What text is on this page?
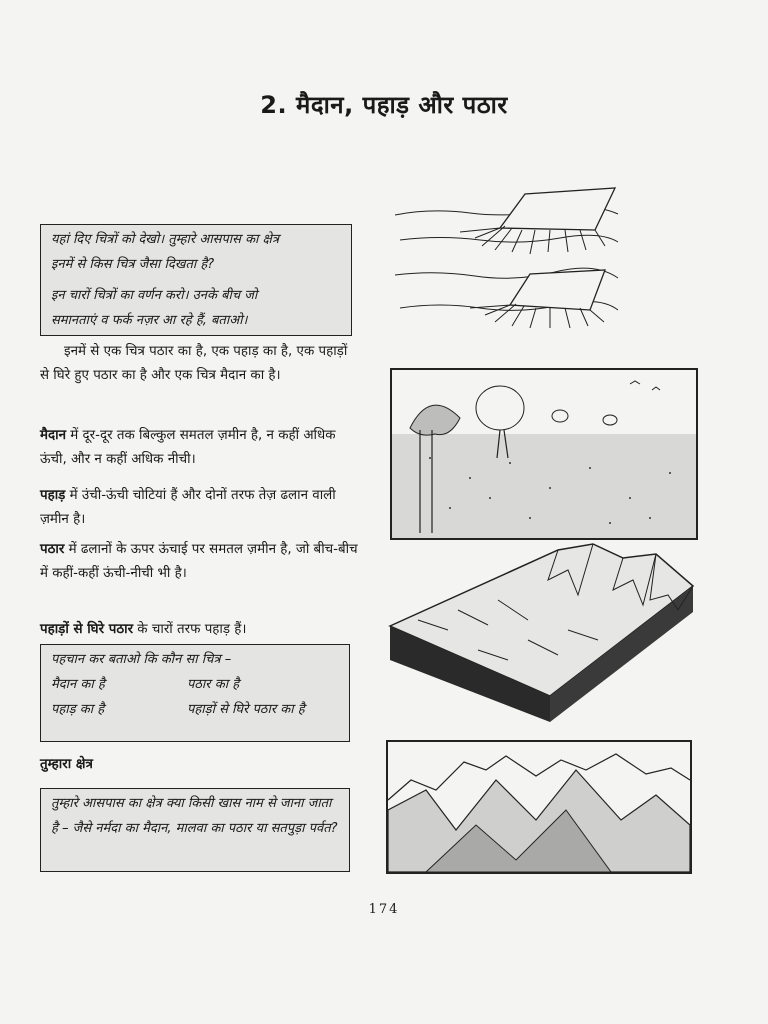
2. मैदान, पहाड़ और पठार

यहां दिए चित्रों को देखो। तुम्हारे आसपास का क्षेत्र

इनमें से किस चित्र जैसा दिखता है?

इन चारों चित्रों का वर्णन करो। उनके बीच जो

समानताएं व फर्क नज़र आ रहे हैं, बताओ।

इनमें से एक चित्र पठार का है, एक पहाड़ का है, एक पहाड़ों से घिरे हुए पठार का है और एक चित्र मैदान का है।
मैदान में दूर-दूर तक बिल्कुल समतल ज़मीन है, न कहीं अधिक ऊंची, और न कहीं अधिक नीची।
पहाड़ में उंची-ऊंची चोटियां हैं और दोनों तरफ तेज़ ढलान वाली ज़मीन है।
पठार में ढलानों के ऊपर ऊंचाई पर समतल ज़मीन है, जो बीच-बीच में कहीं-कहीं ऊंची-नीची भी है।
पहाड़ों से घिरे पठार के चारों तरफ पहाड़ हैं।

पहचान कर बताओ कि कौन सा चित्र –

मैदान का है	पठार का है
पहाड़ का है	पहाड़ों से घिरे पठार का है
तुम्हारा क्षेत्र

तुम्हारे आसपास का क्षेत्र क्या किसी खास नाम से जाना जाता है – जैसे नर्मदा का मैदान, मालवा का पठार या सतपुड़ा पर्वत?

174
